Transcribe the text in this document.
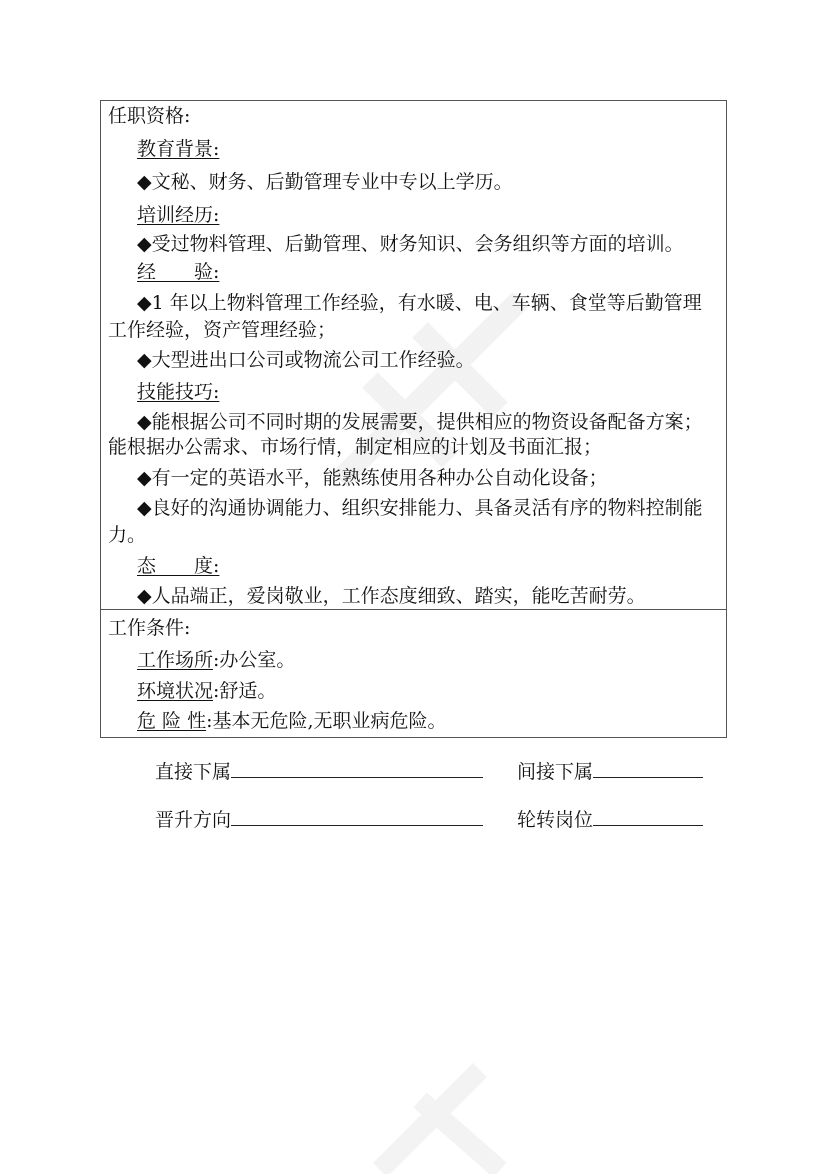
任职资格:
教育背景:
◆文秘、财务、后勤管理专业中专以上学历。
培训经历:
◆受过物料管理、后勤管理、财务知识、会务组织等方面的培训。
经　　验:
◆1 年以上物料管理工作经验，有水暖、电、车辆、食堂等后勤管理
工作经验，资产管理经验；
◆大型进出口公司或物流公司工作经验。
技能技巧:
◆能根据公司不同时期的发展需要，提供相应的物资设备配备方案；
能根据办公需求、市场行情，制定相应的计划及书面汇报；
◆有一定的英语水平，能熟练使用各种办公自动化设备；
◆良好的沟通协调能力、组织安排能力、具备灵活有序的物料控制能
力。
态　　度:
◆人品端正，爱岗敬业，工作态度细致、踏实，能吃苦耐劳。
工作条件:
工作场所:办公室。
环境状况:舒适。
危 险 性:基本无危险,无职业病危险。
直接下属	间接下属
晋升方向	轮转岗位
